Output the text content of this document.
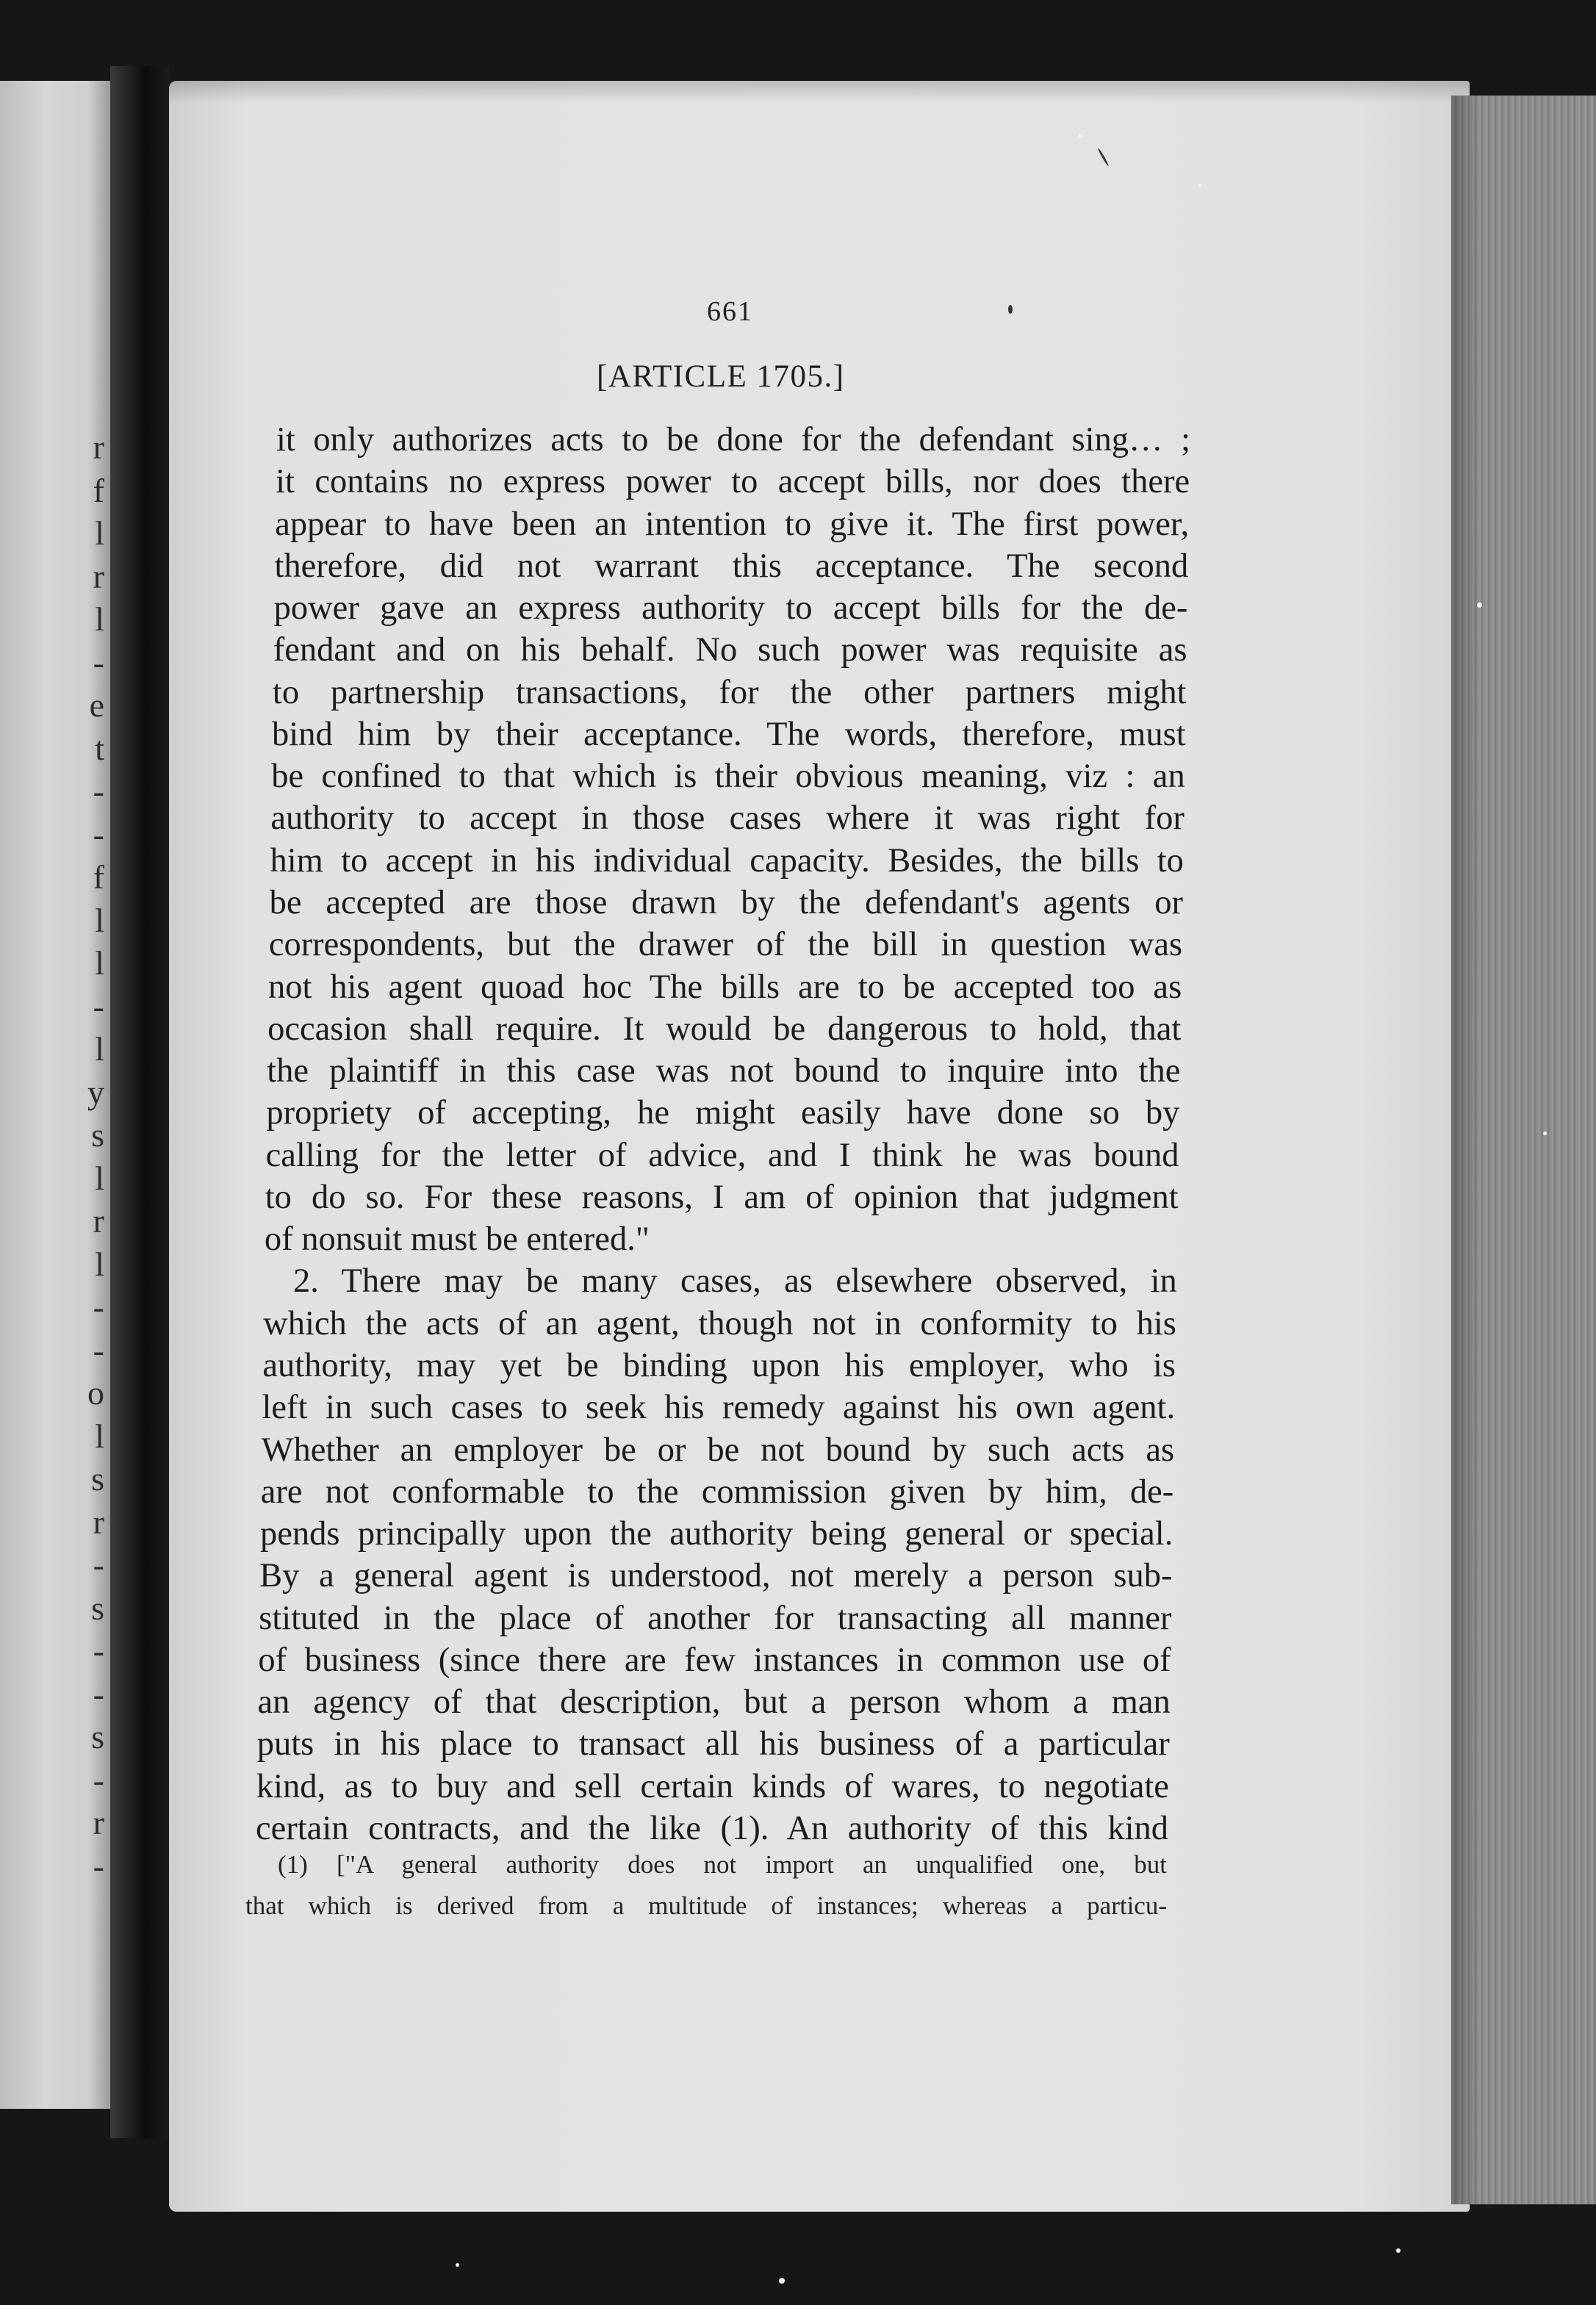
r
f
l
r
l
-
e
t
-
-
f
l
l
-
l
y
s
l
r
l
-
-
o
l
s
r
-
s
-
-
s
-
r
-
661
[ARTICLE 1705.]
it only authorizes acts to be done for the defendant sing… ;
it contains no express power to accept bills, nor does there
appear to have been an intention to give it. The first power,
therefore, did not warrant this acceptance. The second
power gave an express authority to accept bills for the de-
fendant and on his behalf. No such power was requisite as
to partnership transactions, for the other partners might
bind him by their acceptance. The words, therefore, must
be confined to that which is their obvious meaning, viz : an
authority to accept in those cases where it was right for
him to accept in his individual capacity. Besides, the bills to
be accepted are those drawn by the defendant's agents or
correspondents, but the drawer of the bill in question was
not his agent quoad hoc The bills are to be accepted too as
occasion shall require. It would be dangerous to hold, that
the plaintiff in this case was not bound to inquire into the
propriety of accepting, he might easily have done so by
calling for the letter of advice, and I think he was bound
to do so. For these reasons, I am of opinion that judgment
of nonsuit must be entered."
2. There may be many cases, as elsewhere observed, in
which the acts of an agent, though not in conformity to his
authority, may yet be binding upon his employer, who is
left in such cases to seek his remedy against his own agent.
Whether an employer be or be not bound by such acts as
are not conformable to the commission given by him, de-
pends principally upon the authority being general or special.
By a general agent is understood, not merely a person sub-
stituted in the place of another for transacting all manner
of business (since there are few instances in common use of
an agency of that description, but a person whom a man
puts in his place to transact all his business of a particular
kind, as to buy and sell certain kinds of wares, to negotiate
certain contracts, and the like (1). An authority of this kind
(1) ["A general authority does not import an unqualified one, but
that which is derived from a multitude of instances; whereas a particu-
